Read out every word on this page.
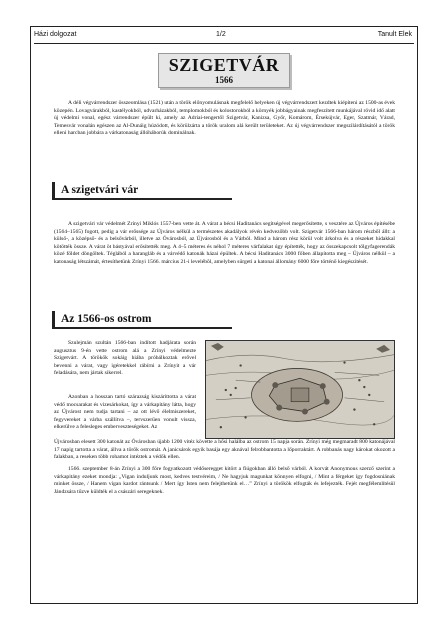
Házi dolgozat	1/2	Tanult Elek
SZIGETVÁR
1566

A déli végvárrendszer összeomlása (1521) után a török előnyomulásnak megfelelő helyeken új végvárrendszert kezdtek kiépíteni az 1500-as évek közepén. Lovagvárakból, kastélyokból, udvarházakból, templomokból és kolostorokból a környék jobbágyainak megfeszített munkájával rövid idő alatt új védelmi vonal, egész várrendszer épült ki, amely az Adriai-tengertől Szigetvár, Kanizsa, Győr, Komárom, Érsekújvár, Eger, Szatmár, Várad, Temesvár vonalán egészen az Al-Dunáig húzódott, és körülzárta a török uralom alá került területeket. Az új végvárrendszer megszilárdításától a török elleni harcban jobbára a várkatonaság állóháborúk dominálnak.

A szigetvári vár

A szigetvári vár védelmét Zrínyi Miklós 1557-ben vette át. A várat a bécsi Haditanács segítségével megerősítette, s vesztére az Újváros építésébe (1564–1565) fogott, pedig a vár erőssége az Újváros nélkül a természetes akadályok révén kedvezőbb volt. Szigetvár 1566-ban három részből állt: a külső-, a középső- és a belsővárból, illetve az Óvárosból, az Újvárosból és a Várból. Mind a három rész körül volt árkolva és a részeket hidakkal kötötték össze. A várat öt bástyával erősítették meg. A 4–5 méteres és néhol 7 méteres várfalakat úgy építették, hogy az összekapcsolt tölgyfagerendák közé földet döngöltek. Téglából a harangláb és a várvédő katonák házai épültek. A bécsi Haditanács 3000 főben állapította meg – Újváros nélkül – a katonaság létszámát, értesíthetünk Zrínyi 1566. március 21-i levelébõl, amelyben sürgeti a katonai állomány 6000 főre történő kiegészítését.

Az 1566-os ostrom

Szulejmán szultán 1566-ban indított hadjárata során augusztus 9-én vette ostrom alá a Zrínyi védelmezte Szigetvárt. A törökök sokáig hiába próbálkoztak erővel bevenni a várat, vagy igéretekkel rábírni a Zrínyit a vár feladására, nem jártak sikerrel.

Azonban a hosszan tartó szárazság kiszáríttotta a várat védő mocsarakat és vizesárkokat, így a várkapitány látta, hogy az Újvárost nem tudja tartani – az ott lévő élelmiszereket, fegyvereket a várba szállítva –, tervszerűen vonult vissza, elkerülve a felesleges emberveszteségeket. Az

Újvárosban elesett 300 katonát az Óvárosban újabb 1200 vitéz követte a hősi halálba az ostrom 15 napja során. Zrínyi még megmaradt 800 katonájával 17 napig tartotta a várat, állva a török ostromát. A janicsárok egyik basája egy aknával felrobbantotta a lőporraktárt. A robbanás nagy károkat okozott a falakban, a reseken több rohamot intéztek a védők ellen.

1566. szeptember 8-án Zrínyi a 300 főre fogyatkozott védőseregget kitört a fiúgokban álló belső várból. A korvát Anonymous szerző szerint a várkapitány ezeket mondja: „Vigan induljunk most, kedves testvéreim, / Ne hagyjuk magunkat könnyen elfogni, / Mint a férgeket így fogdosniának minket össze, / Hanem vígan kardot rántsunk / Mert így Isten nem felejthetünk el…” Zrínyi a törökök elfogták és lefejezték. Fejét megfélemlítésül Jándzsára tűzve küldték el a császári seregeknek.
